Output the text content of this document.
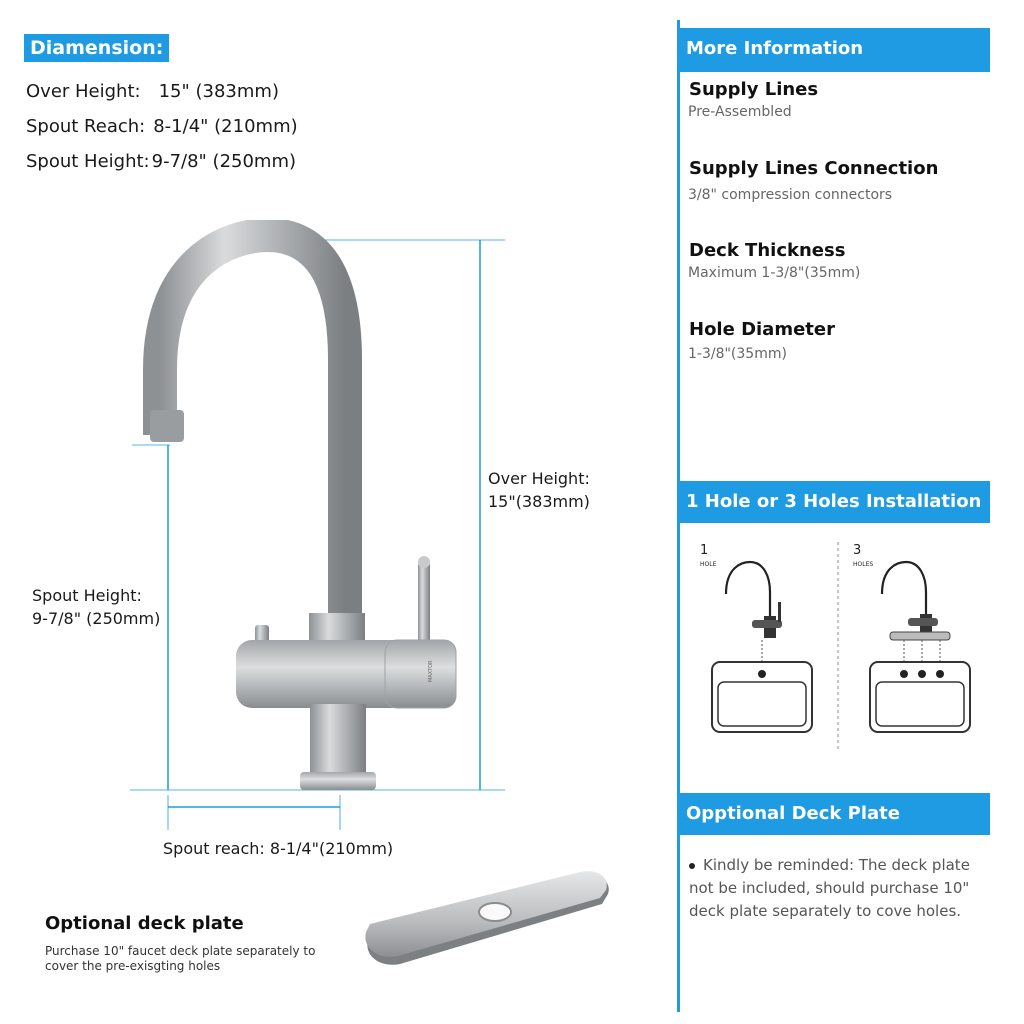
Diamension:
Over Height: 15" (383mm)
Spout Reach: 8-1/4" (210mm)
Spout Height: 9-7/8" (250mm)
MAXTOR
Over Height:
15"(383mm)
Spout Height:
9-7/8" (250mm)
Spout reach: 8-1/4"(210mm)
Optional deck plate
Purchase 10" faucet deck plate separately to cover the pre-exisgting holes
More Information
Supply Lines
Pre-Assembled
Supply Lines Connection
3/8" compression connectors
Deck Thickness
Maximum 1-3/8"(35mm)
Hole Diameter
1-3/8"(35mm)
1 Hole or 3 Holes Installation
1
HOLE
3
HOLES
Opptional Deck Plate
Kindly be reminded: The deck plate not be included, should purchase 10" deck plate separately to cove holes.
